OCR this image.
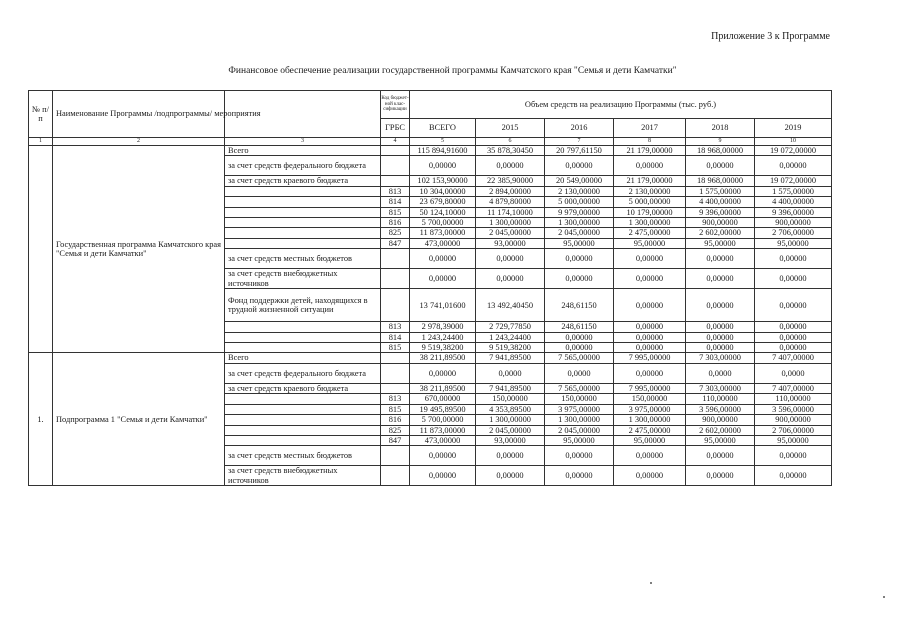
Приложение 3 к Программе
Финансовое обеспечение реализации государственной программы Камчатского края "Семья и дети Камчатки"
№ п/п	Наименование Программы /подпрограммы/ мероприятия		Код бюджет-ной клас-сификации	Объем средств на реализацию Программы (тыс. руб.)					
			ГРБС	ВСЕГО	2015	2016	2017	2018	2019
1	2	3	4	5	6	7	8	9	10
	Государственная программа Камчатского края "Семья и дети Камчатки"	Всего		115 894,91600	35 878,30450	20 797,61150	21 179,00000	18 968,00000	19 072,00000
		за счет средств федерального бюджета		0,00000	0,00000	0,00000	0,00000	0,00000	0,00000
		за счет средств краевого бюджета		102 153,90000	22 385,90000	20 549,00000	21 179,00000	18 968,00000	19 072,00000
			813	10 304,00000	2 894,00000	2 130,00000	2 130,00000	1 575,00000	1 575,00000
			814	23 679,80000	4 879,80000	5 000,00000	5 000,00000	4 400,00000	4 400,00000
			815	50 124,10000	11 174,10000	9 979,00000	10 179,00000	9 396,00000	9 396,00000
			816	5 700,00000	1 300,00000	1 300,00000	1 300,00000	900,00000	900,00000
			825	11 873,00000	2 045,00000	2 045,00000	2 475,00000	2 602,00000	2 706,00000
			847	473,00000	93,00000	95,00000	95,00000	95,00000	95,00000
		за счет средств местных бюджетов		0,00000	0,00000	0,00000	0,00000	0,00000	0,00000
		за счет средств внебюджетных источников		0,00000	0,00000	0,00000	0,00000	0,00000	0,00000
		Фонд поддержки детей, находящихся в трудной жизненной ситуации		13 741,01600	13 492,40450	248,61150	0,00000	0,00000	0,00000
			813	2 978,39000	2 729,77850	248,61150	0,00000	0,00000	0,00000
			814	1 243,24400	1 243,24400	0,00000	0,00000	0,00000	0,00000
			815	9 519,38200	9 519,38200	0,00000	0,00000	0,00000	0,00000
1.	Подпрограмма 1 "Семья и дети Камчатки"	Всего		38 211,89500	7 941,89500	7 565,00000	7 995,00000	7 303,00000	7 407,00000
		за счет средств федерального бюджета		0,00000	0,0000	0,0000	0,00000	0,0000	0,0000
		за счет средств краевого бюджета		38 211,89500	7 941,89500	7 565,00000	7 995,00000	7 303,00000	7 407,00000
			813	670,00000	150,00000	150,00000	150,00000	110,00000	110,00000
			815	19 495,89500	4 353,89500	3 975,00000	3 975,00000	3 596,00000	3 596,00000
			816	5 700,00000	1 300,00000	1 300,00000	1 300,00000	900,00000	900,00000
			825	11 873,00000	2 045,00000	2 045,00000	2 475,00000	2 602,00000	2 706,00000
			847	473,00000	93,00000	95,00000	95,00000	95,00000	95,00000
		за счет средств местных бюджетов		0,00000	0,00000	0,00000	0,00000	0,00000	0,00000
		за счет средств внебюджетных источников		0,00000	0,00000	0,00000	0,00000	0,00000	0,00000
